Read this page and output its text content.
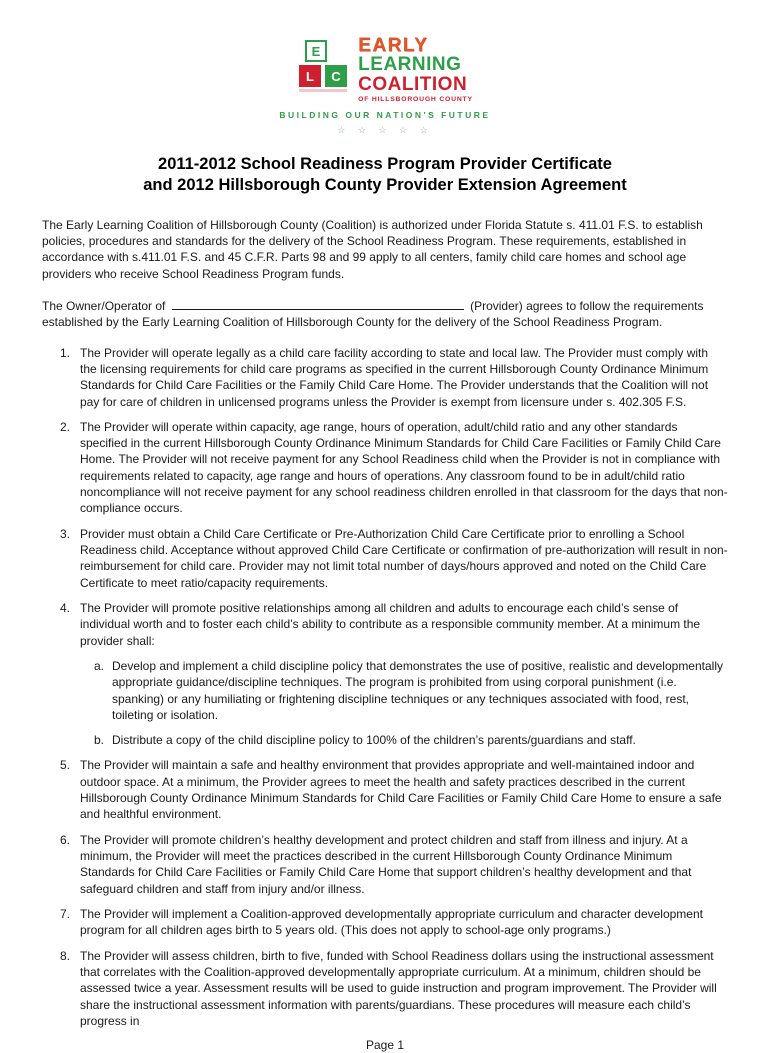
E
L C
EARLY
LEARNING
COALITION
OF HILLSBOROUGH COUNTY
BUILDING OUR NATION'S FUTURE
☆ ☆ ☆ ☆ ☆
2011-2012 School Readiness Program Provider Certificate
and 2012 Hillsborough County Provider Extension Agreement

The Early Learning Coalition of Hillsborough County (Coalition) is authorized under Florida Statute s. 411.01 F.S. to establish policies, procedures and standards for the delivery of the School Readiness Program. These requirements, established in accordance with s.411.01 F.S. and 45 C.F.R. Parts 98 and 99 apply to all centers, family child care homes and school age providers who receive School Readiness Program funds.

The Owner/Operator of	(Provider) agrees to follow the requirements established by the Early Learning Coalition of Hillsborough County for the delivery of the School Readiness Program.

1. The Provider will operate legally as a child care facility according to state and local law. The Provider must comply with the licensing requirements for child care programs as specified in the current Hillsborough County Ordinance Minimum Standards for Child Care Facilities or the Family Child Care Home. The Provider understands that the Coalition will not pay for care of children in unlicensed programs unless the Provider is exempt from licensure under s. 402.305 F.S.
2. The Provider will operate within capacity, age range, hours of operation, adult/child ratio and any other standards specified in the current Hillsborough County Ordinance Minimum Standards for Child Care Facilities or Family Child Care Home. The Provider will not receive payment for any School Readiness child when the Provider is not in compliance with requirements related to capacity, age range and hours of operations. Any classroom found to be in adult/child ratio noncompliance will not receive payment for any school readiness children enrolled in that classroom for the days that non-compliance occurs.
3. Provider must obtain a Child Care Certificate or Pre-Authorization Child Care Certificate prior to enrolling a School Readiness child. Acceptance without approved Child Care Certificate or confirmation of pre-authorization will result in non-reimbursement for child care. Provider may not limit total number of days/hours approved and noted on the Child Care Certificate to meet ratio/capacity requirements.
4. The Provider will promote positive relationships among all children and adults to encourage each child’s sense of individual worth and to foster each child’s ability to contribute as a responsible community member. At a minimum the provider shall:
a. Develop and implement a child discipline policy that demonstrates the use of positive, realistic and developmentally appropriate guidance/discipline techniques. The program is prohibited from using corporal punishment (i.e. spanking) or any humiliating or frightening discipline techniques or any techniques associated with food, rest, toileting or isolation.
b. Distribute a copy of the child discipline policy to 100% of the children’s parents/guardians and staff.
5. The Provider will maintain a safe and healthy environment that provides appropriate and well-maintained indoor and outdoor space. At a minimum, the Provider agrees to meet the health and safety practices described in the current Hillsborough County Ordinance Minimum Standards for Child Care Facilities or Family Child Care Home to ensure a safe and healthful environment.
6. The Provider will promote children’s healthy development and protect children and staff from illness and injury. At a minimum, the Provider will meet the practices described in the current Hillsborough County Ordinance Minimum Standards for Child Care Facilities or Family Child Care Home that support children’s healthy development and that safeguard children and staff from injury and/or illness.
7. The Provider will implement a Coalition-approved developmentally appropriate curriculum and character development program for all children ages birth to 5 years old. (This does not apply to school-age only programs.)
8. The Provider will assess children, birth to five, funded with School Readiness dollars using the instructional assessment that correlates with the Coalition-approved developmentally appropriate curriculum. At a minimum, children should be assessed twice a year. Assessment results will be used to guide instruction and program improvement. The Provider will share the instructional assessment information with parents/guardians. These procedures will measure each child’s progress in
Page 1
